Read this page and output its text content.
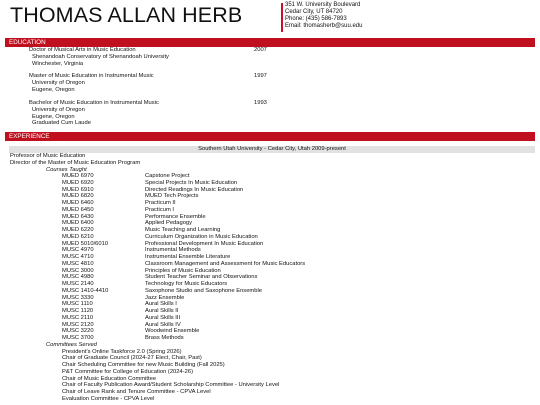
THOMAS ALLAN HERB	351 W. University Boulevard
Cedar City, UT 84720
Phone: (435) 586-7893
Email: thomasherb@suu.edu
EDUCATION
Doctor of Musical Arts in Music Education
Shenandoah Conservatory of Shenandoah University
Winchester, Virginia
2007
Master of Music Education in Instrumental Music
University of Oregon
Eugene, Oregon
1997
Bachelor of Music Education in Instrumental Music
University of Oregon
Eugene, Oregon
Graduated Cum Laude
1993
EXPERIENCE
Southern Utah University - Cedar City, Utah 2009-present
Professor of Music Education
Director of the Master of Music Education Program
Courses Taught
MUED 6970	Capstone Project
MUED 6920	Special Projects In Music Education
MUED 6910	Directed Readings In Music Education
MUED 6820	MUED Tech Projects
MUED 6460	Practicum II
MUED 6450	Practicum I
MUED 6430	Performance Ensemble
MUED 6400	Applied Pedagogy
MUED 6220	Music Teaching and Learning
MUED 6210	Curriculum Organization in Music Education
MUED 5010/6010	Professional Development In Music Education
MUSC 4970	Instrumental Methods
MUSC 4710	Instrumental Ensemble Literature
MUSC 4810	Classroom Management and Assessment for Music Educators
MUSC 3000	Principles of Music Education
MUSC 4980	Student Teacher Seminar and Observations
MUSC 2140	Technology for Music Educators
MUSC 1410-4410	Saxophone Studio and Saxophone Ensemble
MUSC 3330	Jazz Ensemble
MUSC 1110	Aural Skills I
MUSC 1120	Aural Skills II
MUSC 2110	Aural Skills III
MUSC 2120	Aural Skills IV
MUSC 3220	Woodwind Ensemble
MUSC 3700	Brass Methods
Committees Served
President's Online Taskforce 2.0 (Spring 2026)
Chair of Graduate Council (2024-27 Elect, Chair, Past)
Chair Scheduling Committee for new Music Building (Fall 2025)
P&T Committee for College of Education (2024-26)
Chair of Music Education Committee
Chair of Faculty Publication Award/Student Scholarship Committee - University Level
Chair of Leave Rank and Tenure Committee - CPVA Level
Evaluation Committee - CPVA Level
